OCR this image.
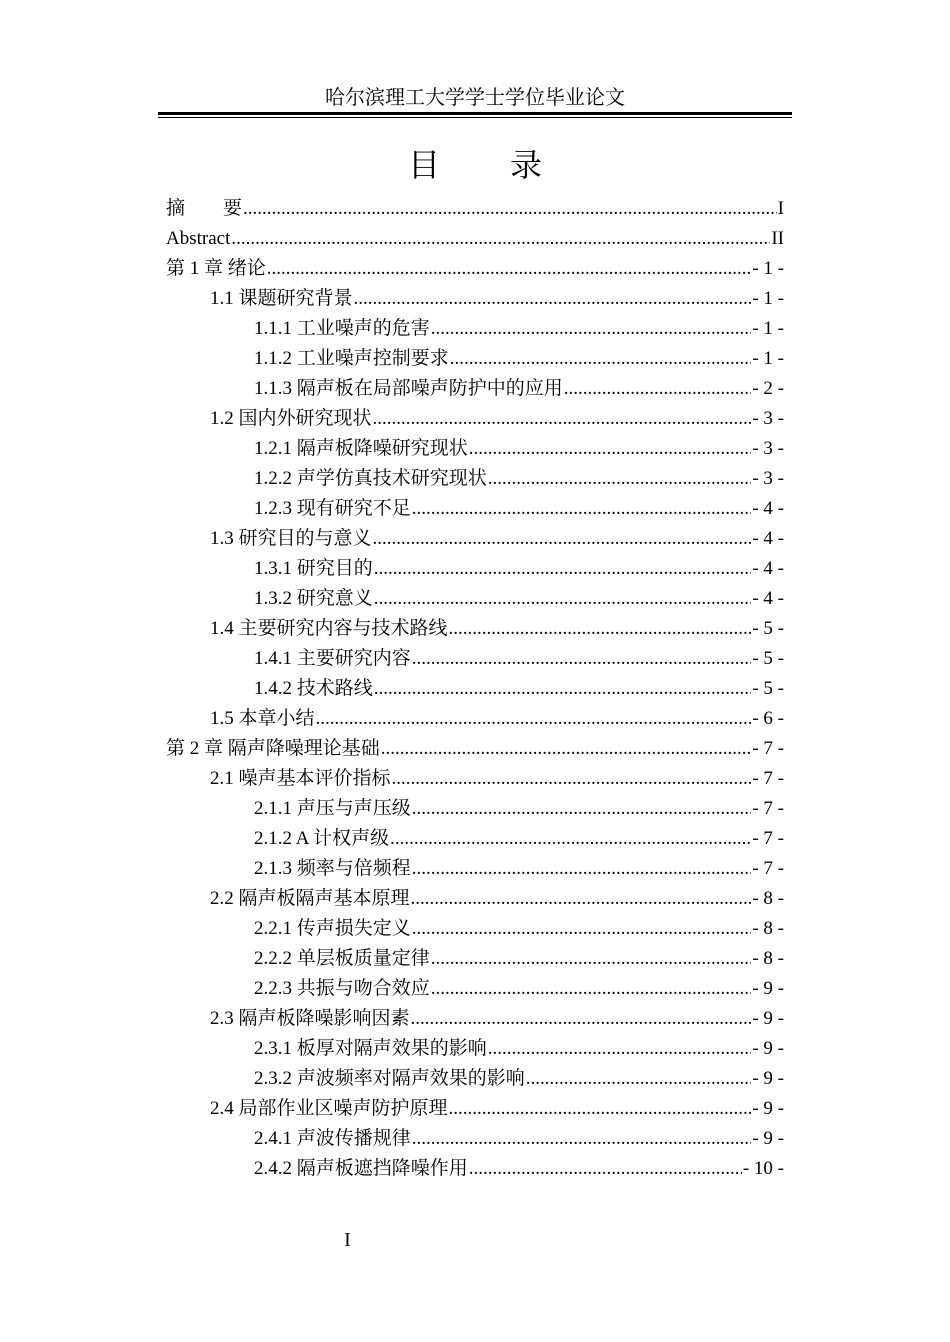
哈尔滨理工大学学士学位毕业论文
目录
摘　　要 .....	I
Abstract .....	II
第 1 章 绪论 .....	- 1 -
1.1 课题研究背景 .....	- 1 -
1.1.1 工业噪声的危害 .....	- 1 -
1.1.2 工业噪声控制要求 .....	- 1 -
1.1.3 隔声板在局部噪声防护中的应用 .....	- 2 -
1.2 国内外研究现状 .....	- 3 -
1.2.1 隔声板降噪研究现状 .....	- 3 -
1.2.2 声学仿真技术研究现状 .....	- 3 -
1.2.3 现有研究不足 .....	- 4 -
1.3 研究目的与意义 .....	- 4 -
1.3.1 研究目的 .....	- 4 -
1.3.2 研究意义 .....	- 4 -
1.4 主要研究内容与技术路线 .....	- 5 -
1.4.1 主要研究内容 .....	- 5 -
1.4.2 技术路线 .....	- 5 -
1.5 本章小结 .....	- 6 -
第 2 章 隔声降噪理论基础 .....	- 7 -
2.1 噪声基本评价指标 .....	- 7 -
2.1.1 声压与声压级 .....	- 7 -
2.1.2 A 计权声级 .....	- 7 -
2.1.3 频率与倍频程 .....	- 7 -
2.2 隔声板隔声基本原理 .....	- 8 -
2.2.1 传声损失定义 .....	- 8 -
2.2.2 单层板质量定律 .....	- 8 -
2.2.3 共振与吻合效应 .....	- 9 -
2.3 隔声板降噪影响因素 .....	- 9 -
2.3.1 板厚对隔声效果的影响 .....	- 9 -
2.3.2 声波频率对隔声效果的影响 .....	- 9 -
2.4 局部作业区噪声防护原理 .....	- 9 -
2.4.1 声波传播规律 .....	- 9 -
2.4.2 隔声板遮挡降噪作用 .....	- 10 -
I
